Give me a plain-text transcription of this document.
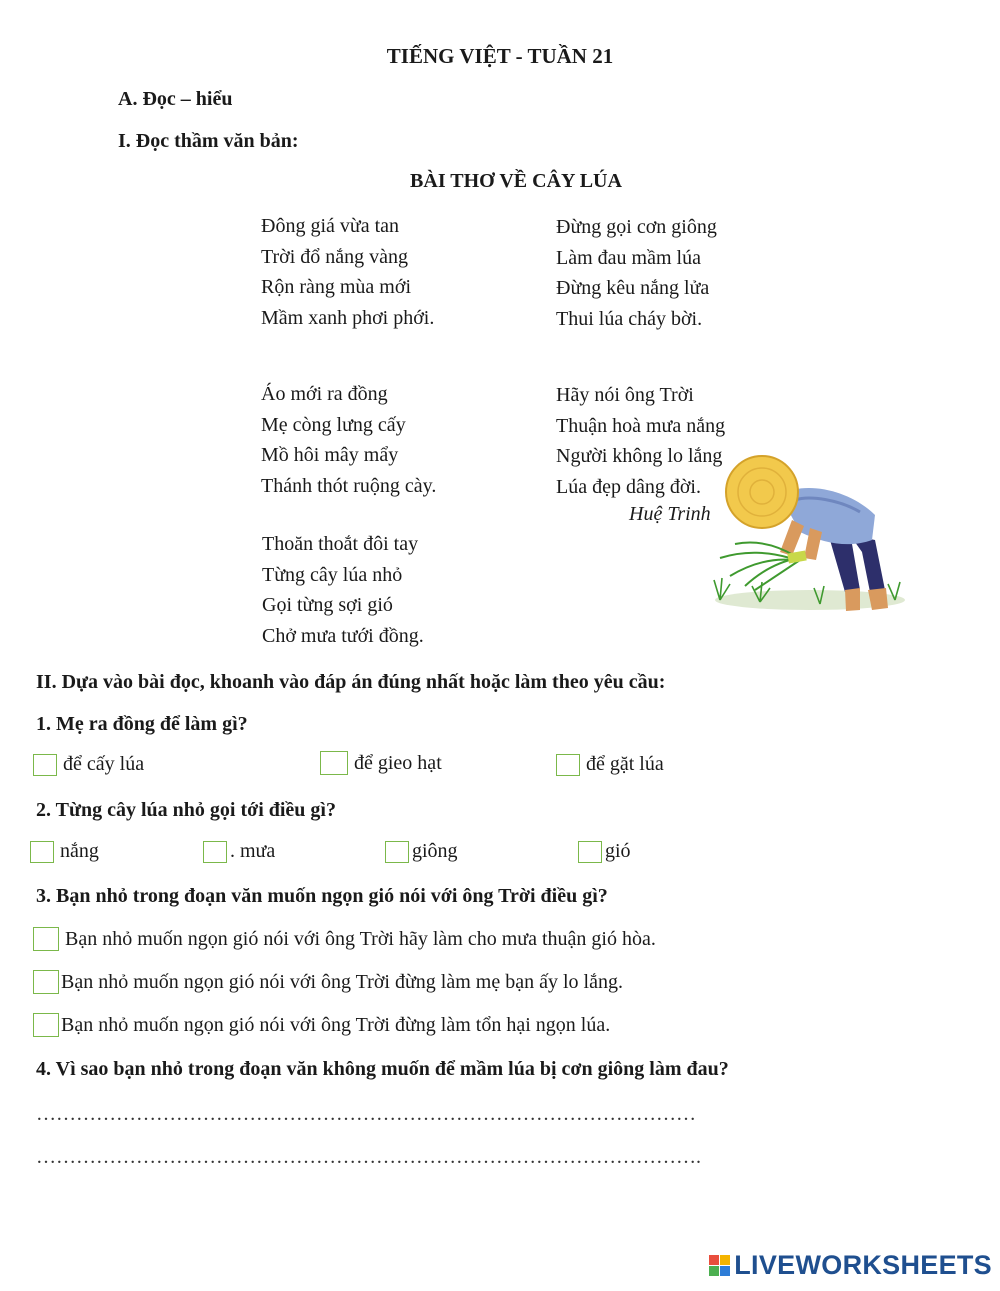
TIẾNG VIỆT - TUẦN 21
A. Đọc – hiểu
I. Đọc thầm văn bản:
BÀI THƠ VỀ CÂY LÚA
Đông giá vừa tan
Trời đổ nắng vàng
Rộn ràng mùa mới
Mầm xanh phơi phới.
Áo mới ra đồng
Mẹ còng lưng cấy
Mồ hôi mây mẩy
Thánh thót ruộng cày.
Thoăn thoắt đôi tay
Từng cây lúa nhỏ
Gọi từng sợi gió
Chở mưa tưới đồng.
Đừng gọi cơn giông
Làm đau mầm lúa
Đừng kêu nắng lửa
Thui lúa cháy bời.
Hãy nói ông Trời
Thuận hoà mưa nắng
Người không lo lắng
Lúa đẹp dâng đời.
Huệ Trinh
II. Dựa vào bài đọc, khoanh vào đáp án đúng nhất hoặc làm theo yêu cầu:
1. Mẹ ra đồng để làm gì?
để cấy lúa	để gieo hạt	để gặt lúa
2. Từng cây lúa nhỏ gọi tới điều gì?
nắng	. mưa	giông	gió
3. Bạn nhỏ trong đoạn văn muốn ngọn gió nói với ông Trời điều gì?
Bạn nhỏ muốn ngọn gió nói với ông Trời hãy làm cho mưa thuận gió hòa.
Bạn nhỏ muốn ngọn gió nói với ông Trời đừng làm mẹ bạn ấy lo lắng.
Bạn nhỏ muốn ngọn gió nói với ông Trời đừng làm tổn hại ngọn lúa.
4. Vì sao bạn nhỏ trong đoạn văn không muốn để mầm lúa bị cơn giông làm đau?
………………………………………………………………………………………
……………………………………………………………………………………….
LIVEWORKSHEETS
